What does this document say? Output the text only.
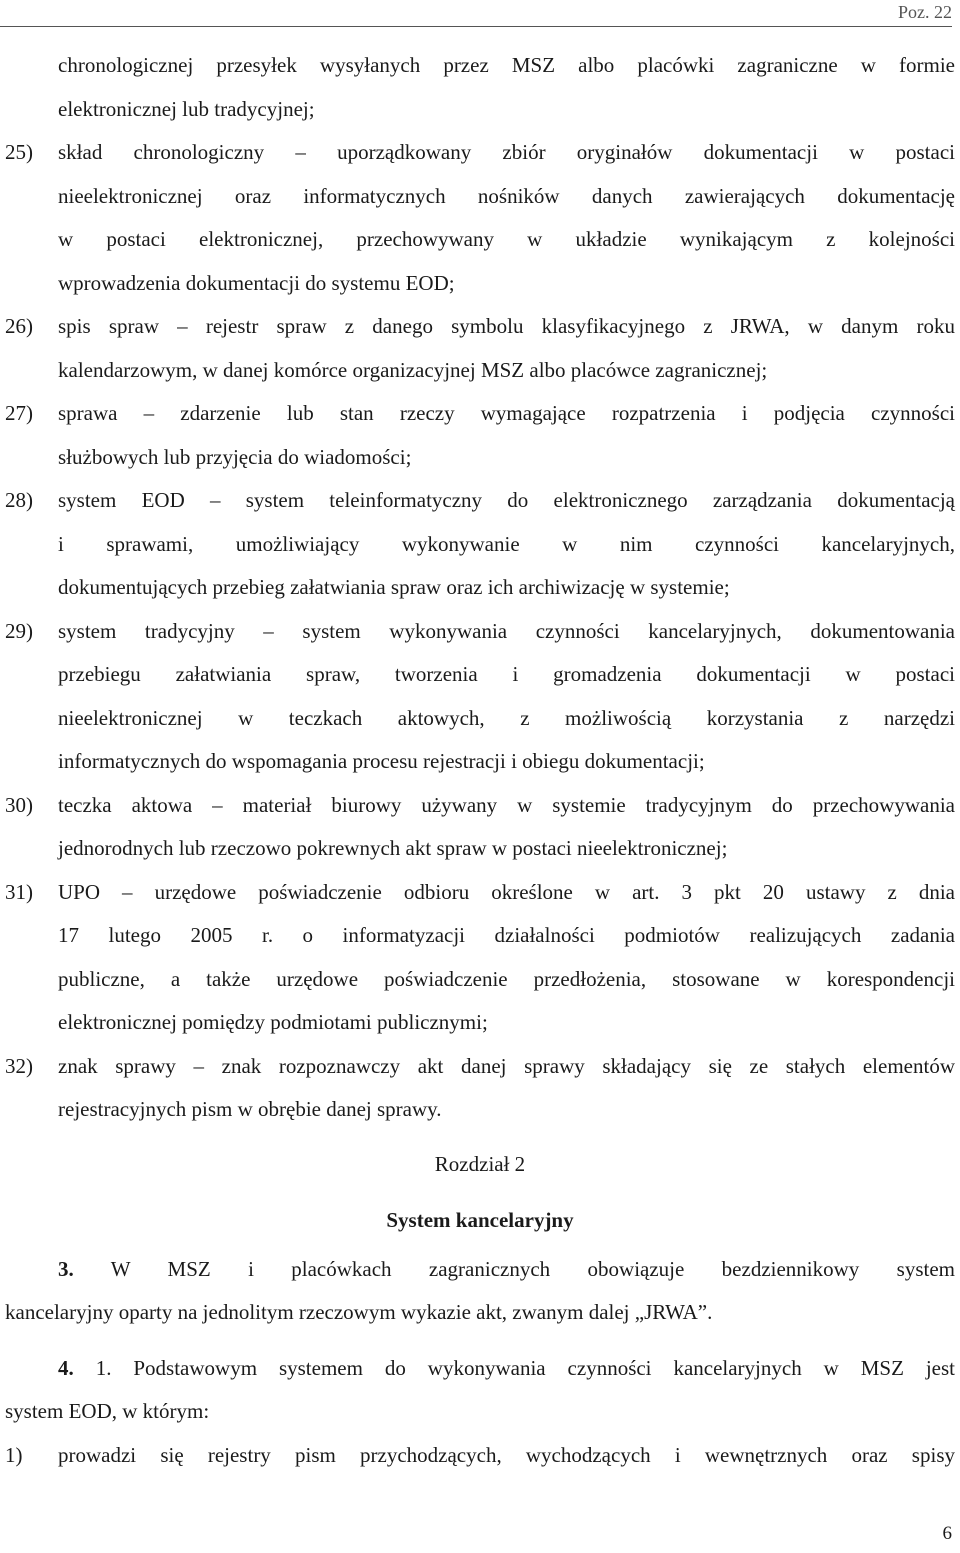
Poz. 22
chronologicznej przesyłek wysyłanych przez MSZ albo placówki zagraniczne w formie
elektronicznej lub tradycyjnej;
25)	skład chronologiczny – uporządkowany zbiór oryginałów dokumentacji w postaci
nieelektronicznej oraz informatycznych nośników danych zawierających dokumentację
w postaci elektronicznej, przechowywany w układzie wynikającym z kolejności
wprowadzenia dokumentacji do systemu EOD;
26)	spis spraw – rejestr spraw z danego symbolu klasyfikacyjnego z JRWA, w danym roku
kalendarzowym, w danej komórce organizacyjnej MSZ albo placówce zagranicznej;
27)	sprawa – zdarzenie lub stan rzeczy wymagające rozpatrzenia i podjęcia czynności
służbowych lub przyjęcia do wiadomości;
28)	system EOD – system teleinformatyczny do elektronicznego zarządzania dokumentacją
i sprawami, umożliwiający wykonywanie w nim czynności kancelaryjnych,
dokumentujących przebieg załatwiania spraw oraz ich archiwizację w systemie;
29)	system tradycyjny – system wykonywania czynności kancelaryjnych, dokumentowania
przebiegu załatwiania spraw, tworzenia i gromadzenia dokumentacji w postaci
nieelektronicznej w teczkach aktowych, z możliwością korzystania z narzędzi
informatycznych do wspomagania procesu rejestracji i obiegu dokumentacji;
30)	teczka aktowa – materiał biurowy używany w systemie tradycyjnym do przechowywania
jednorodnych lub rzeczowo pokrewnych akt spraw w postaci nieelektronicznej;
31)	UPO – urzędowe poświadczenie odbioru określone w art. 3 pkt 20 ustawy z dnia
17 lutego 2005 r. o informatyzacji działalności podmiotów realizujących zadania
publiczne, a także urzędowe poświadczenie przedłożenia, stosowane w korespondencji
elektronicznej pomiędzy podmiotami publicznymi;
32)	znak sprawy – znak rozpoznawczy akt danej sprawy składający się ze stałych elementów
rejestracyjnych pism w obrębie danej sprawy.
Rozdział 2
System kancelaryjny
3. W MSZ i placówkach zagranicznych obowiązuje bezdziennikowy system
kancelaryjny oparty na jednolitym rzeczowym wykazie akt, zwanym dalej „JRWA”.
4. 1. Podstawowym systemem do wykonywania czynności kancelaryjnych w MSZ jest
system EOD, w którym:
1)	prowadzi się rejestry pism przychodzących, wychodzących i wewnętrznych oraz spisy
6
